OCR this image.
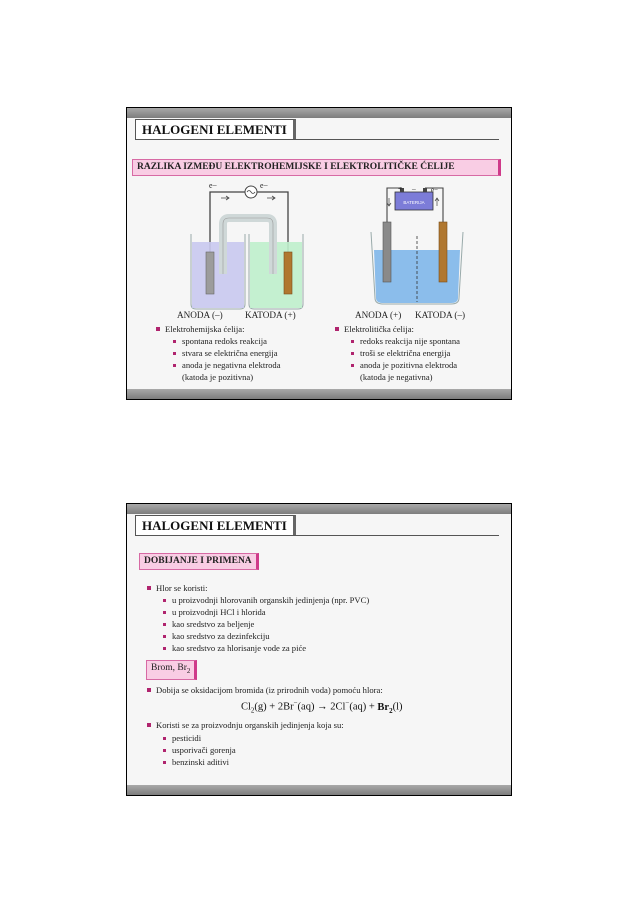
HALOGENI ELEMENTI
RAZLIKA IZMEĐU ELEKTROHEMIJSKE I ELEKTROLITIČKE ĆELIJE
e−	e−
ANODA (–) KATODA (+)
BATERIJA
+ – e−
ANODA (+) KATODA (–)
Elektrohemijska ćelija:
spontana redoks reakcija
stvara se električna energija
anoda je negativna elektroda
(katoda je pozitivna)
Elektrolitička ćelija:
redoks reakcija nije spontana
troši se električna energija
anoda je pozitivna elektroda
(katoda je negativna)
HALOGENI ELEMENTI
DOBIJANJE I PRIMENA
Hlor se koristi:
u proizvodnji hlorovanih organskih jedinjenja (npr. PVC)
u proizvodnji HCl i hlorida
kao sredstvo za beljenje
kao sredstvo za dezinfekciju
kao sredstvo za hlorisanje vode za piće
Brom, $Br_2$
Dobija se oksidacijom bromida (iz prirodnih voda) pomoću hlora:
$Cl_2(g) + 2Br^-(aq) \to 2Cl^-(aq) + Br_2(l)$
Koristi se za proizvodnju organskih jedinjenja koja su:
pesticidi
usporivači gorenja
benzinski aditivi
